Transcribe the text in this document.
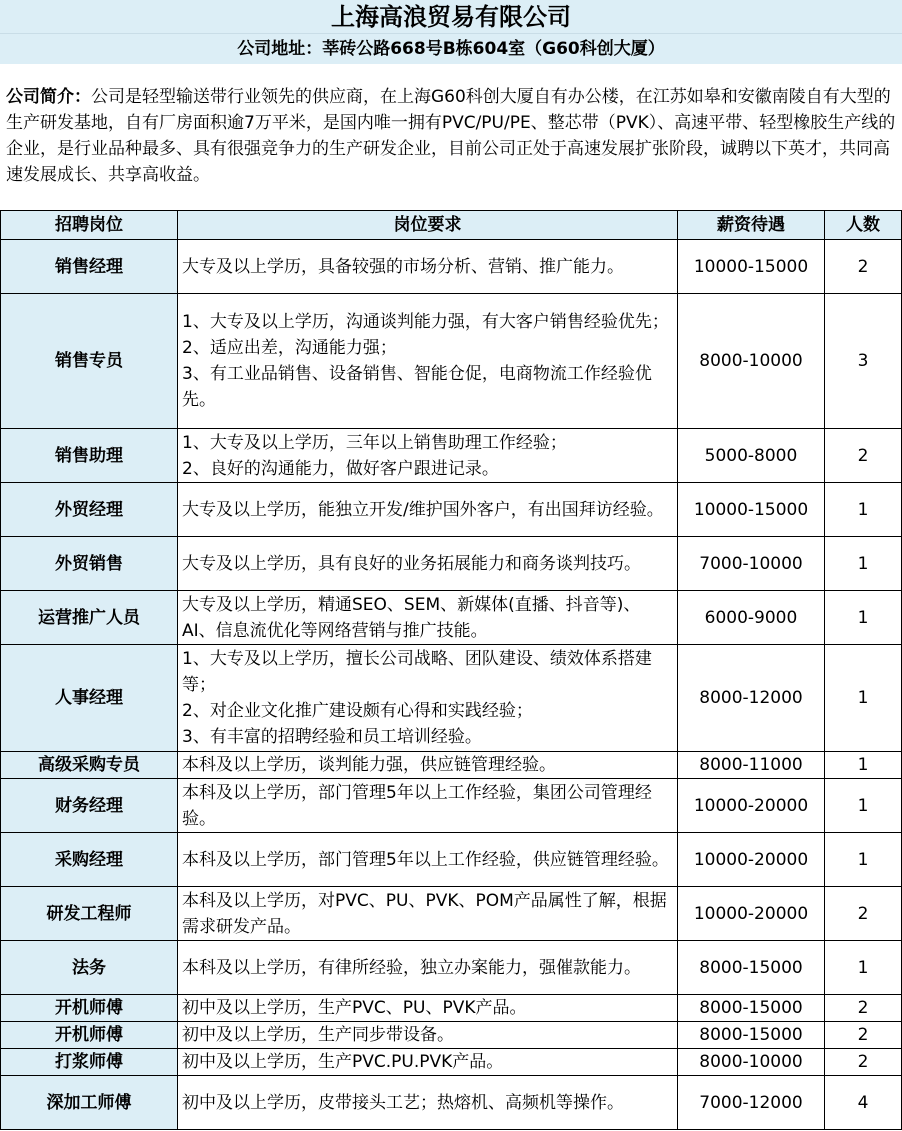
上海高浪贸易有限公司
公司地址：莘砖公路668号B栋604室（G60科创大厦）
公司简介：公司是轻型输送带行业领先的供应商，在上海G60科创大厦自有办公楼，在江苏如皋和安徽南陵自有大型的生产研发基地，自有厂房面积逾7万平米，是国内唯一拥有PVC/PU/PE、整芯带（PVK）、高速平带、轻型橡胶生产线的企业，是行业品种最多、具有很强竞争力的生产研发企业，目前公司正处于高速发展扩张阶段，诚聘以下英才，共同高速发展成长、共享高收益。
招聘岗位	岗位要求	薪资待遇	人数
销售经理	大专及以上学历，具备较强的市场分析、营销、推广能力。	10000-15000	2
销售专员	1、大专及以上学历，沟通谈判能力强，有大客户销售经验优先；
2、适应出差，沟通能力强；
3、有工业品销售、设备销售、智能仓促，电商物流工作经验优先。	8000-10000	3
销售助理	1、大专及以上学历，三年以上销售助理工作经验；
2、良好的沟通能力，做好客户跟进记录。	5000-8000	2
外贸经理	大专及以上学历，能独立开发/维护国外客户，有出国拜访经验。	10000-15000	1
外贸销售	大专及以上学历，具有良好的业务拓展能力和商务谈判技巧。	7000-10000	1
运营推广人员	大专及以上学历，精通SEO、SEM、新媒体(直播、抖音等)、AI、信息流优化等网络营销与推广技能。	6000-9000	1
人事经理	1、大专及以上学历，擅长公司战略、团队建设、绩效体系搭建等；
2、对企业文化推广建设颇有心得和实践经验；
3、有丰富的招聘经验和员工培训经验。	8000-12000	1
高级采购专员	本科及以上学历，谈判能力强，供应链管理经验。	8000-11000	1
财务经理	本科及以上学历，部门管理5年以上工作经验，集团公司管理经验。	10000-20000	1
采购经理	本科及以上学历，部门管理5年以上工作经验，供应链管理经验。	10000-20000	1
研发工程师	本科及以上学历，对PVC、PU、PVK、POM产品属性了解，根据需求研发产品。	10000-20000	2
法务	本科及以上学历，有律所经验，独立办案能力，强催款能力。	8000-15000	1
开机师傅	初中及以上学历，生产PVC、PU、PVK产品。	8000-15000	2
开机师傅	初中及以上学历，生产同步带设备。	8000-15000	2
打浆师傅	初中及以上学历，生产PVC.PU.PVK产品。	8000-10000	2
深加工师傅	初中及以上学历，皮带接头工艺；热熔机、高频机等操作。	7000-12000	4
